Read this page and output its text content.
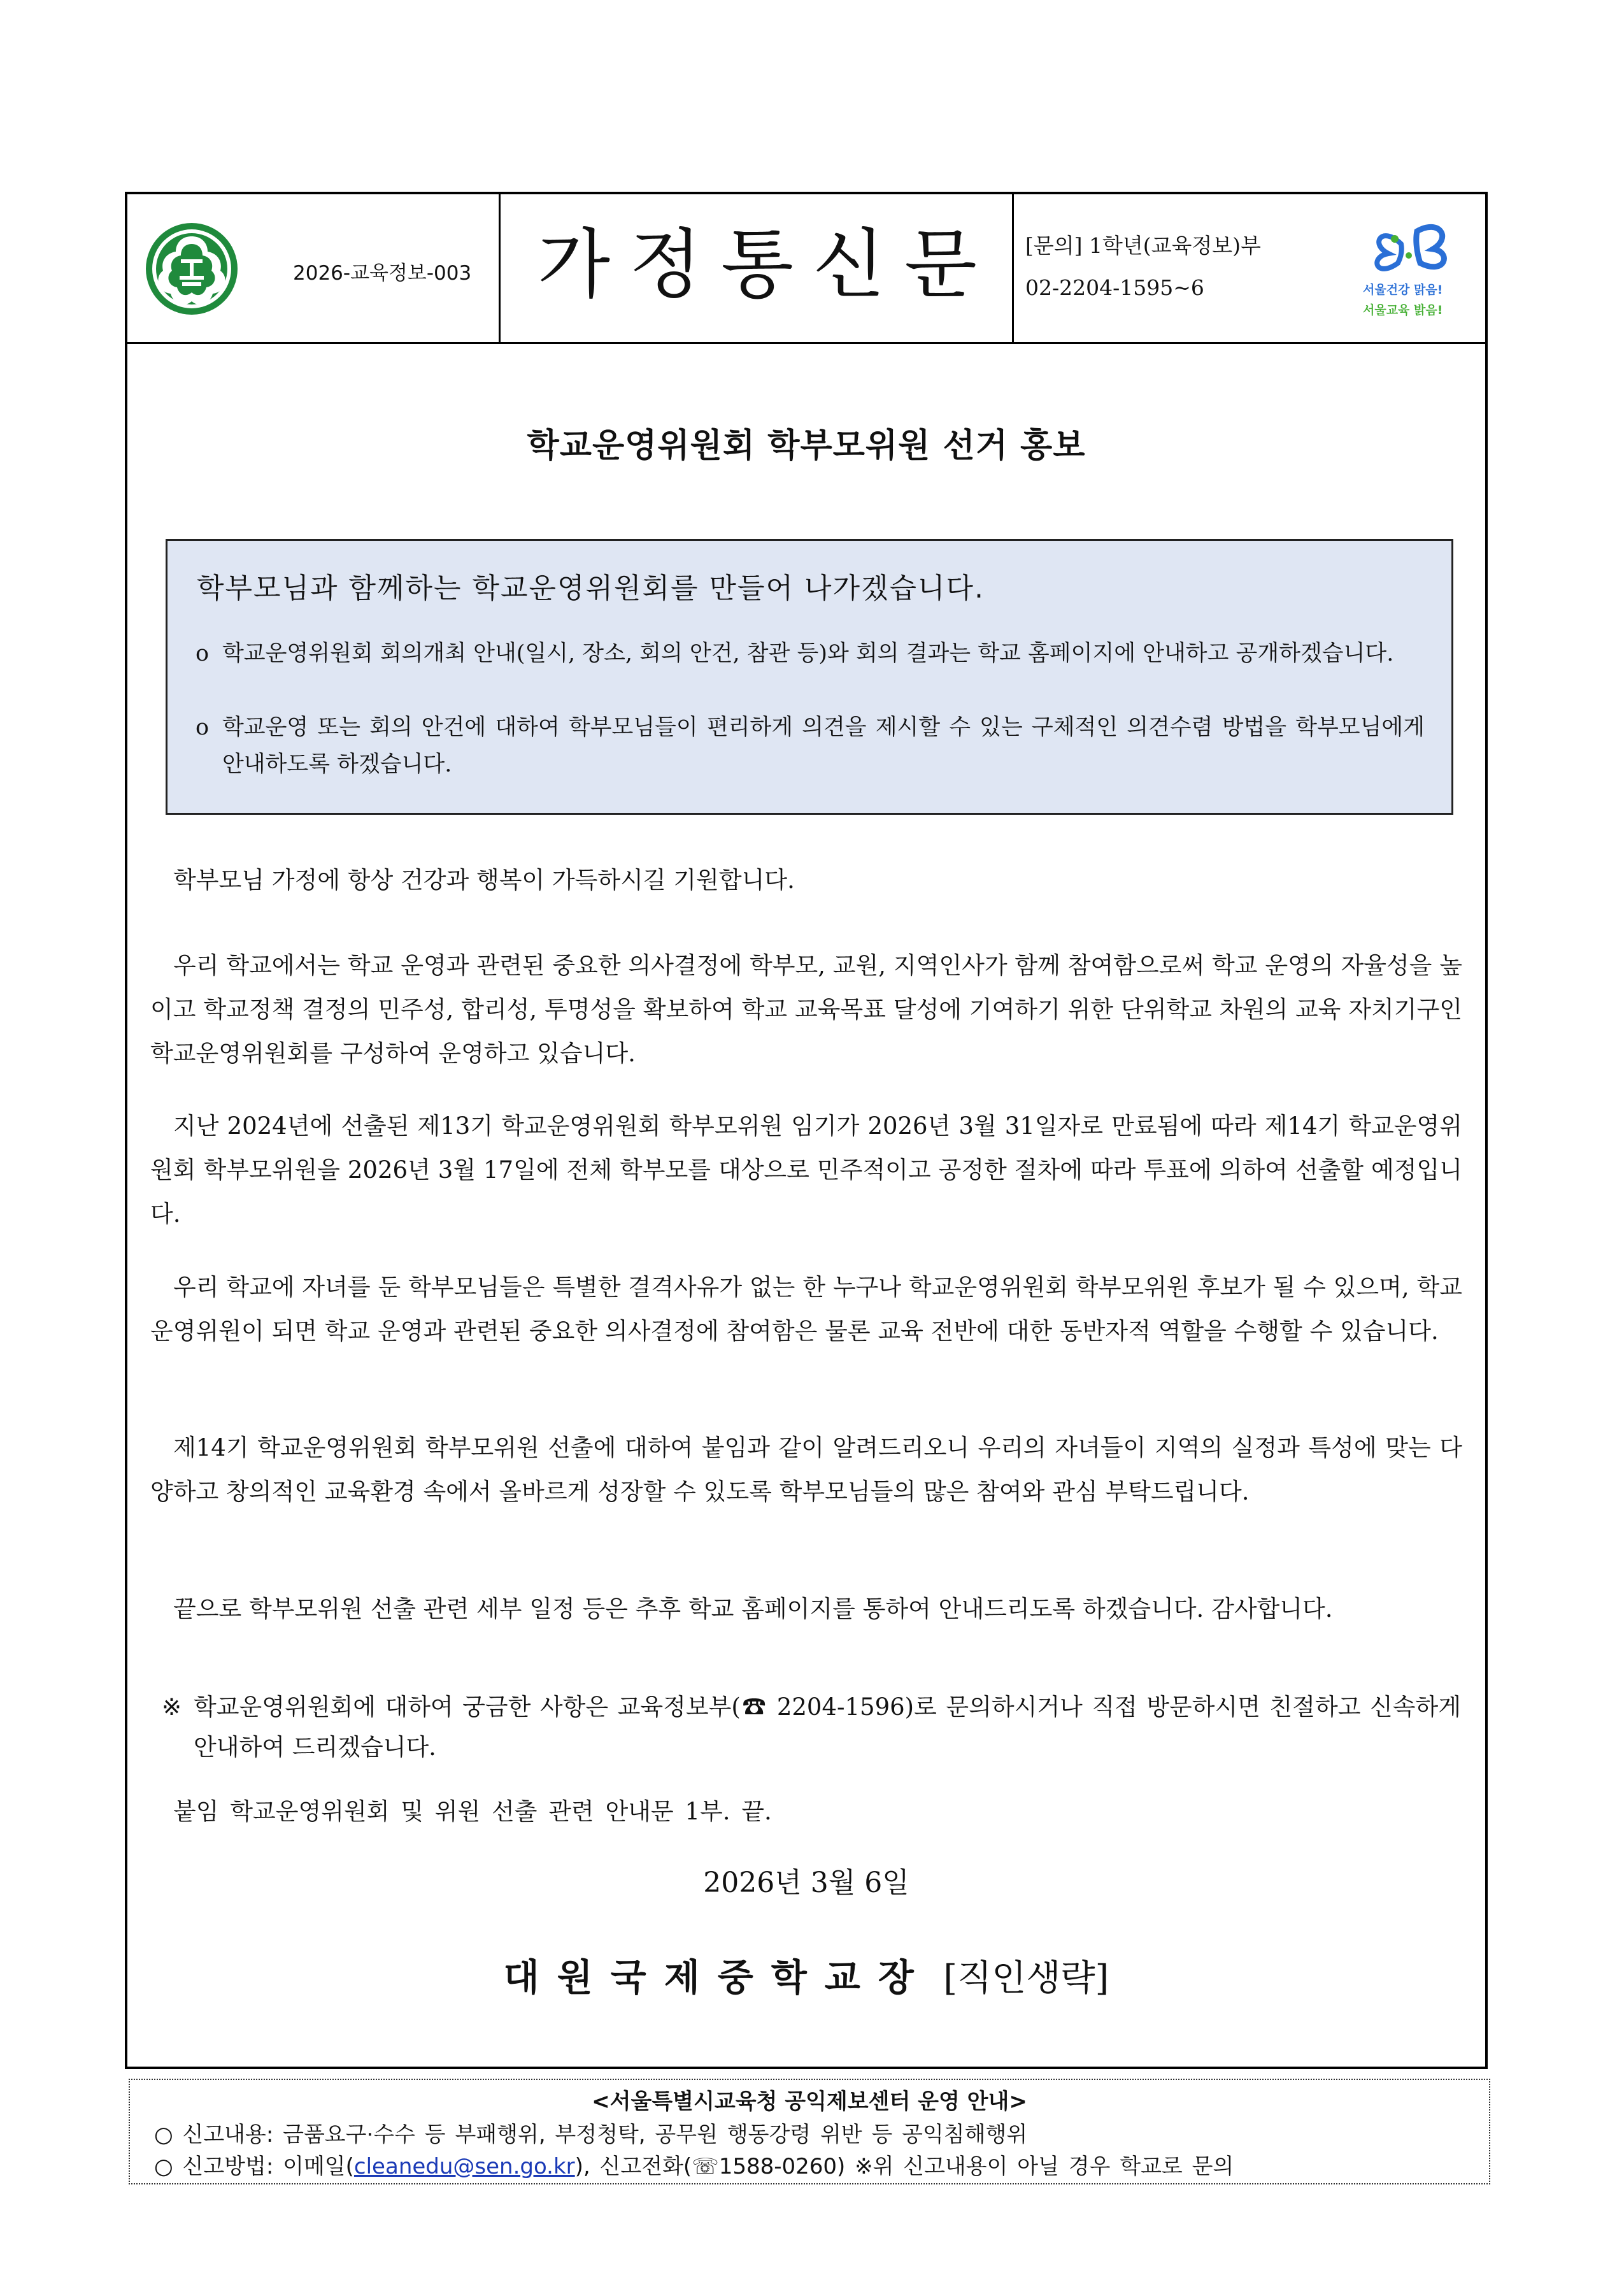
2026-교육정보-003 가정통신문	[문의] 1학년(교육정보)부
02-2204-1595~6	서울건강 맑음!
서울교육 밝음!
학교운영위원회 학부모위원 선거 홍보
학부모님과 함께하는 학교운영위원회를 만들어 나가겠습니다.
o 학교운영위원회 회의개최 안내(일시, 장소, 회의 안건, 참관 등)와 회의 결과는 학교 홈페이지에 안내하고 공개하겠습니다.
o 학교운영 또는 회의 안건에 대하여 학부모님들이 편리하게 의견을 제시할 수 있는 구체적인 의견수렴 방법을 학부모님에게 안내하도록 하겠습니다.
학부모님 가정에 항상 건강과 행복이 가득하시길 기원합니다.
우리 학교에서는 학교 운영과 관련된 중요한 의사결정에 학부모, 교원, 지역인사가 함께 참여함으로써 학교 운영의 자율성을 높이고 학교정책 결정의 민주성, 합리성, 투명성을 확보하여 학교 교육목표 달성에 기여하기 위한 단위학교 차원의 교육 자치기구인 학교운영위원회를 구성하여 운영하고 있습니다.
지난 2024년에 선출된 제13기 학교운영위원회 학부모위원 임기가 2026년 3월 31일자로 만료됨에 따라 제14기 학교운영위원회 학부모위원을 2026년 3월 17일에 전체 학부모를 대상으로 민주적이고 공정한 절차에 따라 투표에 의하여 선출할 예정입니다.
우리 학교에 자녀를 둔 학부모님들은 특별한 결격사유가 없는 한 누구나 학교운영위원회 학부모위원 후보가 될 수 있으며, 학교운영위원이 되면 학교 운영과 관련된 중요한 의사결정에 참여함은 물론 교육 전반에 대한 동반자적 역할을 수행할 수 있습니다.
제14기 학교운영위원회 학부모위원 선출에 대하여 붙임과 같이 알려드리오니 우리의 자녀들이 지역의 실정과 특성에 맞는 다양하고 창의적인 교육환경 속에서 올바르게 성장할 수 있도록 학부모님들의 많은 참여와 관심 부탁드립니다.
끝으로 학부모위원 선출 관련 세부 일정 등은 추후 학교 홈페이지를 통하여 안내드리도록 하겠습니다. 감사합니다.
※ 학교운영위원회에 대하여 궁금한 사항은 교육정보부(☎ 2204-1596)로 문의하시거나 직접 방문하시면 친절하고 신속하게 안내하여 드리겠습니다.
붙임 학교운영위원회 및 위원 선출 관련 안내문 1부. 끝.
2026년 3월 6일
대원국제중학교장 [직인생략]
<서울특별시교육청 공익제보센터 운영 안내>
○ 신고내용: 금품요구·수수 등 부패행위, 부정청탁, 공무원 행동강령 위반 등 공익침해행위
○ 신고방법: 이메일(cleanedu@sen.go.kr), 신고전화(☏1588-0260) ※위 신고내용이 아닐 경우 학교로 문의
